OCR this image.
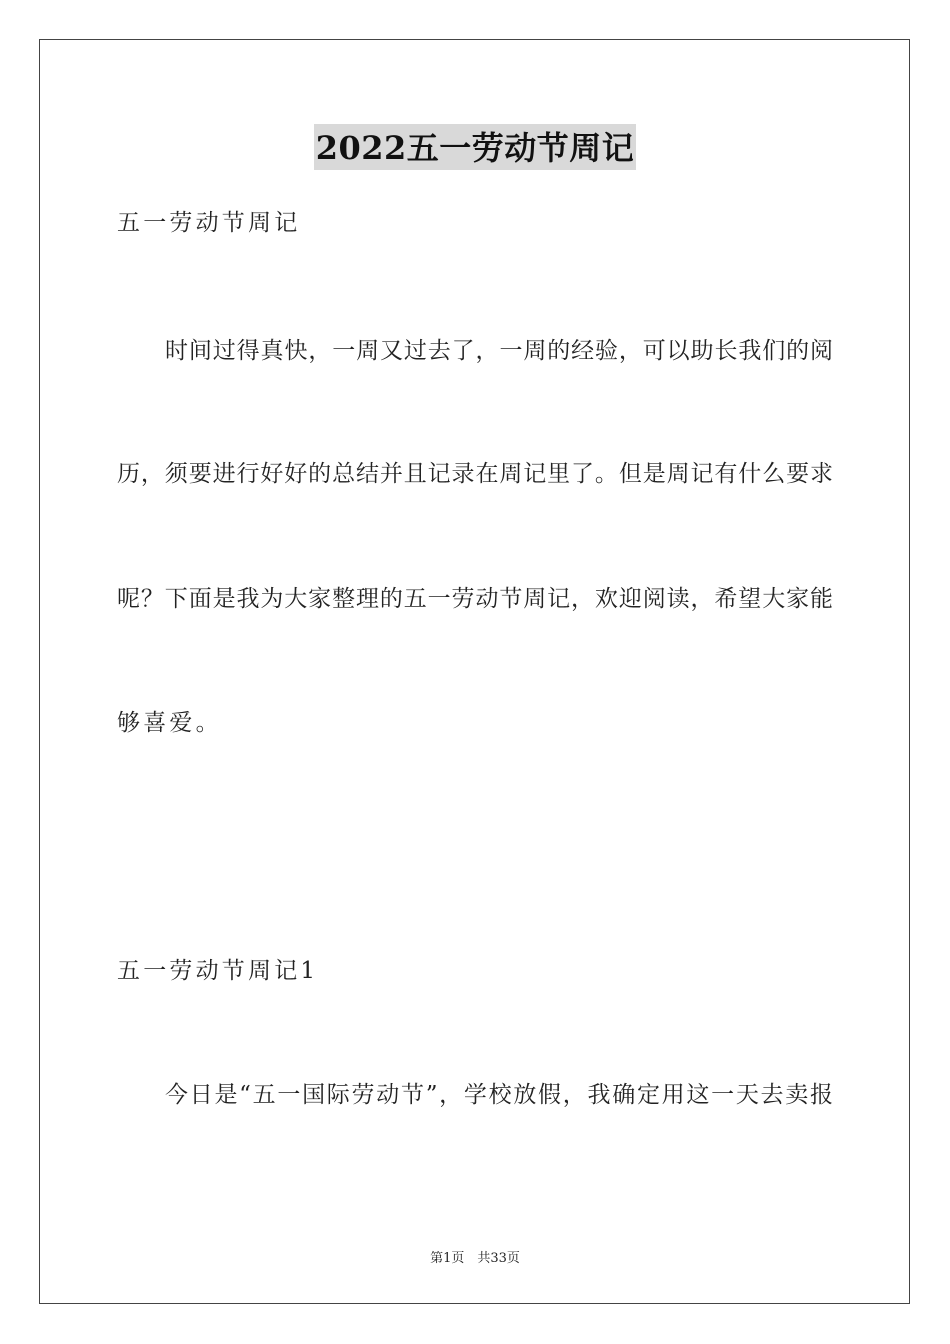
2022五一劳动节周记
五一劳动节周记
时间过得真快，一周又过去了，一周的经验，可以助长我们的阅
历，须要进行好好的总结并且记录在周记里了。但是周记有什么要求
呢？下面是我为大家整理的五一劳动节周记，欢迎阅读，希望大家能
够喜爱。
五一劳动节周记1
今日是“五一国际劳动节”，学校放假，我确定用这一天去卖报
第1页　共33页
